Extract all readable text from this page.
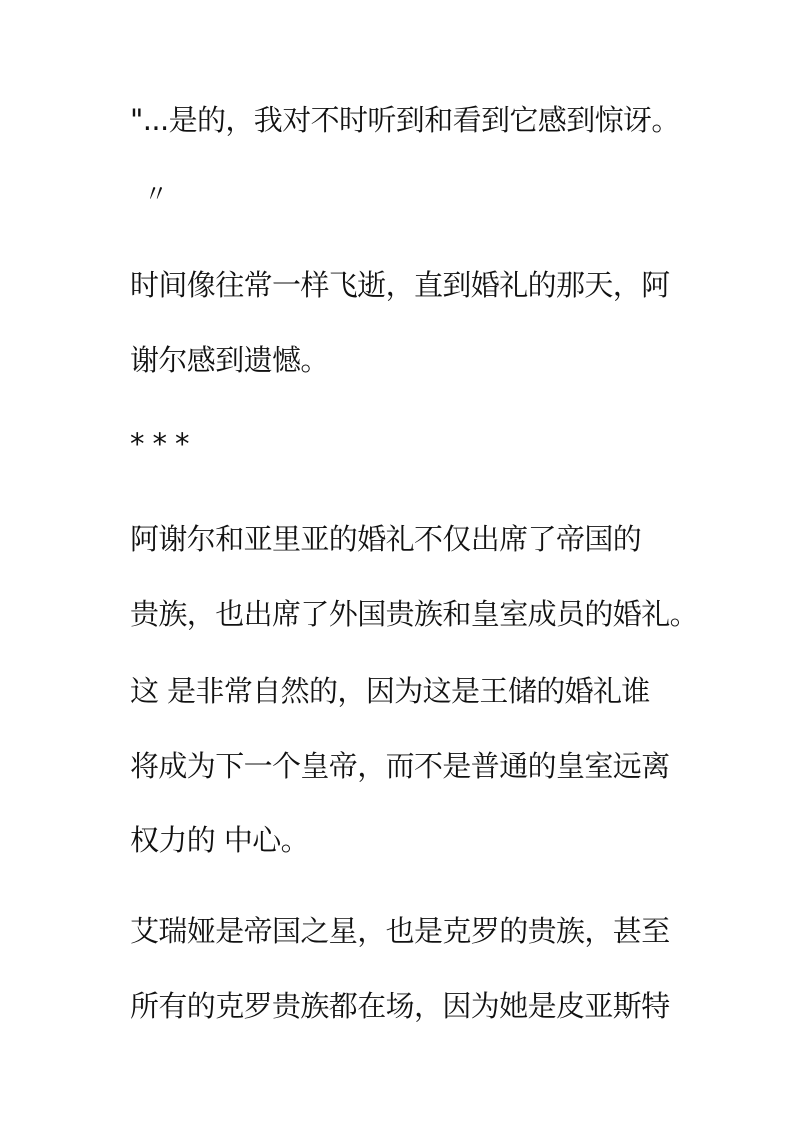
"...是的，我对不时听到和看到它感到惊讶。

〃

时间像往常一样飞逝，直到婚礼的那天，阿

谢尔感到遗憾。

* * *

阿谢尔和亚里亚的婚礼不仅出席了帝国的

贵族，也出席了外国贵族和皇室成员的婚礼。

这 是非常自然的，因为这是王储的婚礼谁

将成为下一个皇帝，而不是普通的皇室远离

权力的 中心。

艾瑞娅是帝国之星，也是克罗的贵族，甚至

所有的克罗贵族都在场，因为她是皮亚斯特
